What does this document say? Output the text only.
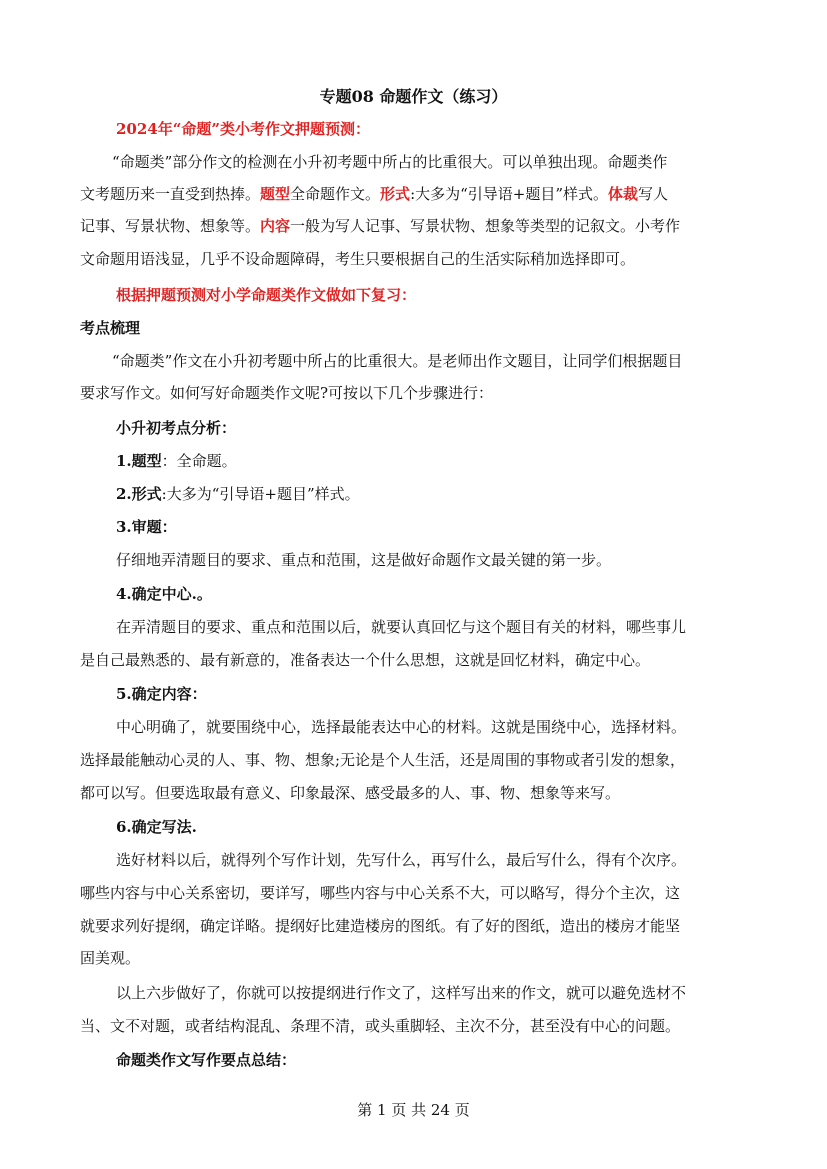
专题08 命题作文（练习）
2024年“命题”类小考作文押题预测：
“命题类”部分作文的检测在小升初考题中所占的比重很大。可以单独出现。命题类作
文考题历来一直受到热捧。题型全命题作文。形式:大多为“引导语+题目”样式。体裁写人
记事、写景状物、想象等。内容一般为写人记事、写景状物、想象等类型的记叙文。小考作
文命题用语浅显，几乎不设命题障碍，考生只要根据自己的生活实际稍加选择即可。
根据押题预测对小学命题类作文做如下复习：
考点梳理
“命题类”作文在小升初考题中所占的比重很大。是老师出作文题目，让同学们根据题目
要求写作文。如何写好命题类作文呢?可按以下几个步骤进行：
小升初考点分析：
1.题型：全命题。
2.形式:大多为“引导语+题目”样式。
3.审题：
仔细地弄清题目的要求、重点和范围，这是做好命题作文最关键的第一步。
4.确定中心.。
在弄清题目的要求、重点和范围以后，就要认真回忆与这个题目有关的材料，哪些事儿
是自己最熟悉的、最有新意的，准备表达一个什么思想，这就是回忆材料，确定中心。
5.确定内容：
中心明确了，就要围绕中心，选择最能表达中心的材料。这就是围绕中心，选择材料。
选择最能触动心灵的人、事、物、想象;无论是个人生活，还是周围的事物或者引发的想象，
都可以写。但要选取最有意义、印象最深、感受最多的人、事、物、想象等来写。
6.确定写法.
选好材料以后，就得列个写作计划，先写什么，再写什么，最后写什么，得有个次序。
哪些内容与中心关系密切，要详写，哪些内容与中心关系不大，可以略写，得分个主次，这
就要求列好提纲，确定详略。提纲好比建造楼房的图纸。有了好的图纸，造出的楼房才能坚
固美观。
以上六步做好了，你就可以按提纲进行作文了，这样写出来的作文，就可以避免选材不
当、文不对题，或者结构混乱、条理不清，或头重脚轻、主次不分，甚至没有中心的问题。
命题类作文写作要点总结：
第 1 页 共 24 页
